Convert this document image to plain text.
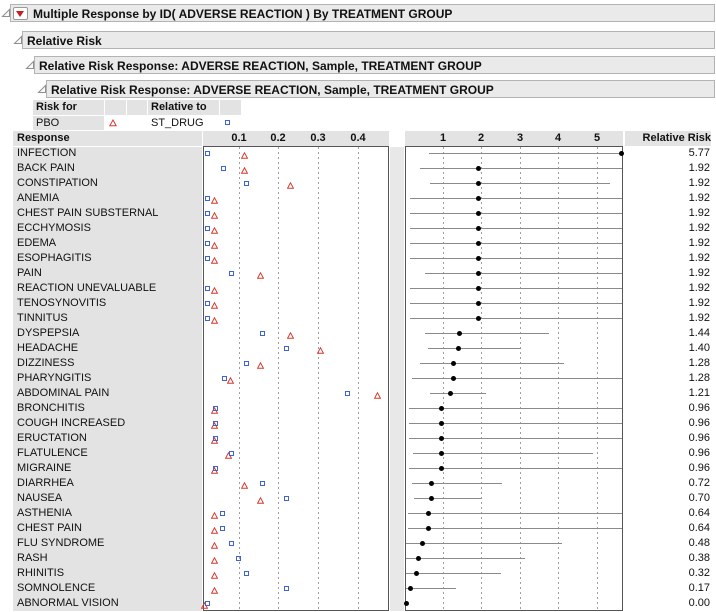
Multiple Response by ID( ADVERSE REACTION ) By TREATMENT GROUP
Relative Risk
Relative Risk Response: ADVERSE REACTION, Sample, TREATMENT GROUP
Relative Risk Response: ADVERSE REACTION, Sample, TREATMENT GROUP
Risk for	Relative to
PBO	ST_DRUG
Response	Relative Risk
0.1	0.2	0.3	0.4	1	2	3	4	5
INFECTION	5.77
BACK PAIN	1.92
CONSTIPATION	1.92
ANEMIA	1.92
CHEST PAIN SUBSTERNAL	1.92
ECCHYMOSIS	1.92
EDEMA	1.92
ESOPHAGITIS	1.92
PAIN	1.92
REACTION UNEVALUABLE	1.92
TENOSYNOVITIS	1.92
TINNITUS	1.92
DYSPEPSIA	1.44
HEADACHE	1.40
DIZZINESS	1.28
PHARYNGITIS	1.28
ABDOMINAL PAIN	1.21
BRONCHITIS	0.96
COUGH INCREASED	0.96
ERUCTATION	0.96
FLATULENCE	0.96
MIGRAINE	0.96
DIARRHEA	0.72
NAUSEA	0.70
ASTHENIA	0.64
CHEST PAIN	0.64
FLU SYNDROME	0.48
RASH	0.38
RHINITIS	0.32
SOMNOLENCE	0.17
ABNORMAL VISION	0.00
